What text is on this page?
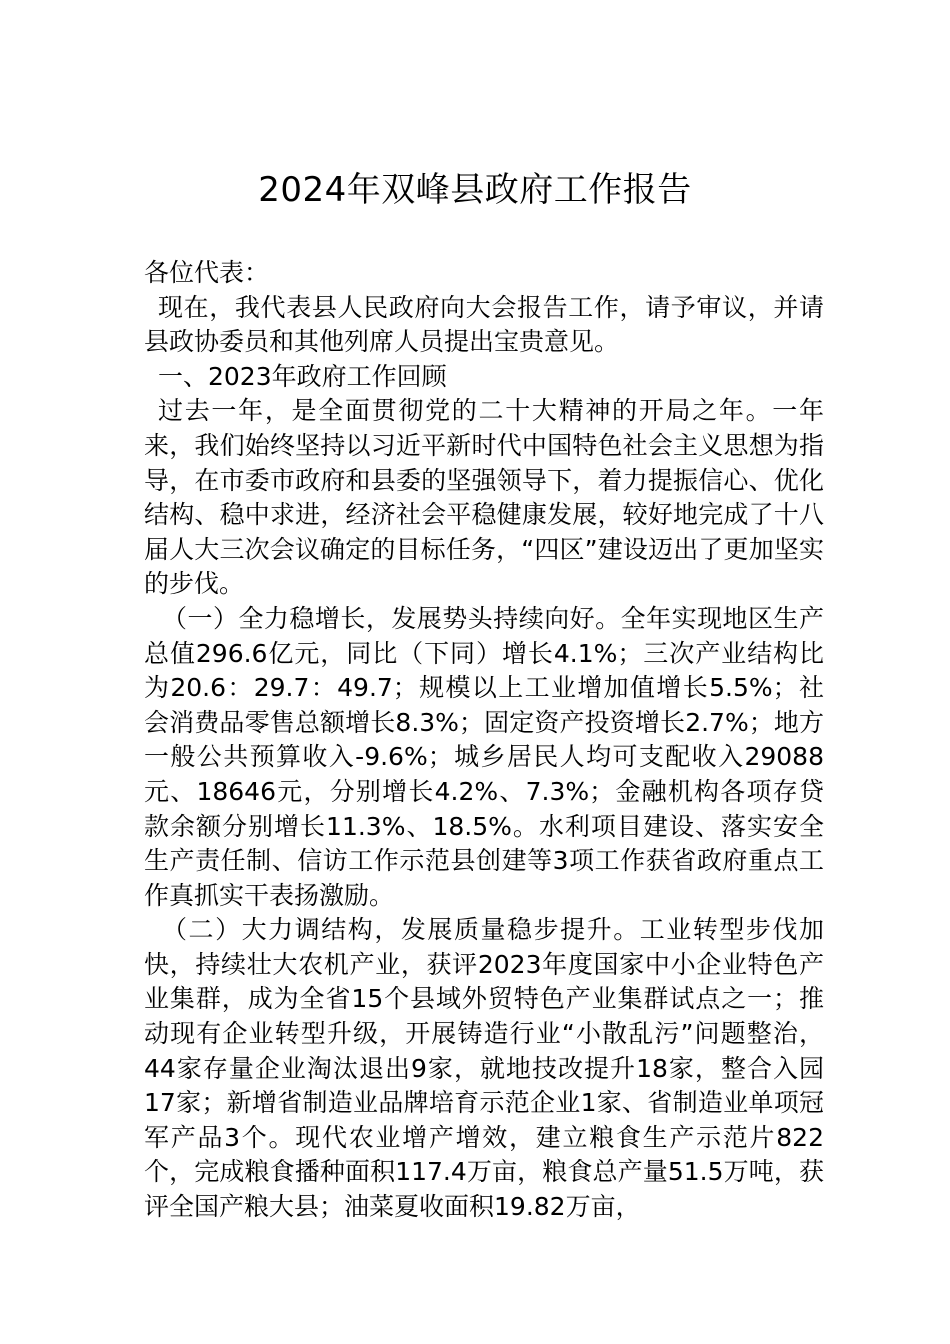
2024年双峰县政府工作报告

各位代表：

现在，我代表县人民政府向大会报告工作，请予审议，并请县政协委员和其他列席人员提出宝贵意见。

一、2023年政府工作回顾

过去一年，是全面贯彻党的二十大精神的开局之年。一年来，我们始终坚持以习近平新时代中国特色社会主义思想为指导，在市委市政府和县委的坚强领导下，着力提振信心、优化结构、稳中求进，经济社会平稳健康发展，较好地完成了十八届人大三次会议确定的目标任务，“四区”建设迈出了更加坚实的步伐。

（一）全力稳增长，发展势头持续向好。全年实现地区生产总值296.6亿元，同比（下同）增长4.1%；三次产业结构比为20.6：29.7：49.7；规模以上工业增加值增长5.5%；社会消费品零售总额增长8.3%；固定资产投资增长2.7%；地方一般公共预算收入-9.6%；城乡居民人均可支配收入29088元、18646元，分别增长4.2%、7.3%；金融机构各项存贷款余额分别增长11.3%、18.5%。水利项目建设、落实安全生产责任制、信访工作示范县创建等3项工作获省政府重点工作真抓实干表扬激励。

（二）大力调结构，发展质量稳步提升。工业转型步伐加快，持续壮大农机产业，获评2023年度国家中小企业特色产业集群，成为全省15个县域外贸特色产业集群试点之一；推动现有企业转型升级，开展铸造行业“小散乱污”问题整治，44家存量企业淘汰退出9家，就地技改提升18家，整合入园17家；新增省制造业品牌培育示范企业1家、省制造业单项冠军产品3个。现代农业增产增效，建立粮食生产示范片822个，完成粮食播种面积117.4万亩，粮食总产量51.5万吨，获评全国产粮大县；油菜夏收面积19.82万亩，
